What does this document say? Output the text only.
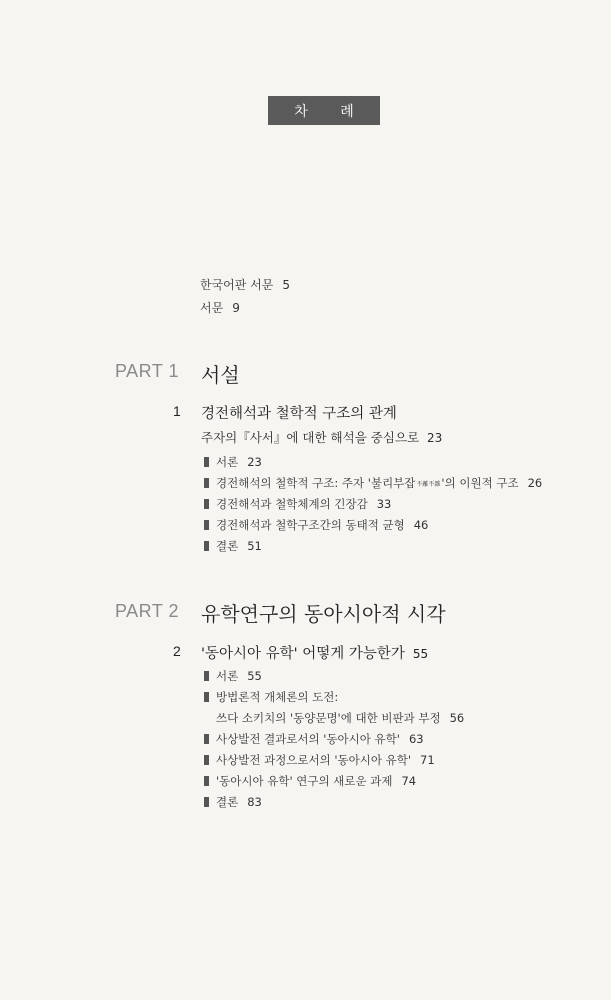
차 례
한국어판 서문 5
서문 9
PART 1 서설
1 경전해석과 철학적 구조의 관계
주자의『사서』에 대한 해석을 중심으로 23
서론 23
경전해석의 철학적 구조: 주자 '불리부잡 不離不雜 '의 이원적 구조 26
경전해석과 철학체계의 긴장감 33
경전해석과 철학구조간의 동태적 균형 46
결론 51
PART 2 유학연구의 동아시아적 시각
2 '동아시아 유학' 어떻게 가능한가 55
서론 55
방법론적 개체론의 도전:
쓰다 소키치의 '동양문명'에 대한 비판과 부정 56
사상발전 결과로서의 '동아시아 유학' 63
사상발전 과정으로서의 '동아시아 유학' 71
'동아시아 유학' 연구의 새로운 과제 74
결론 83
